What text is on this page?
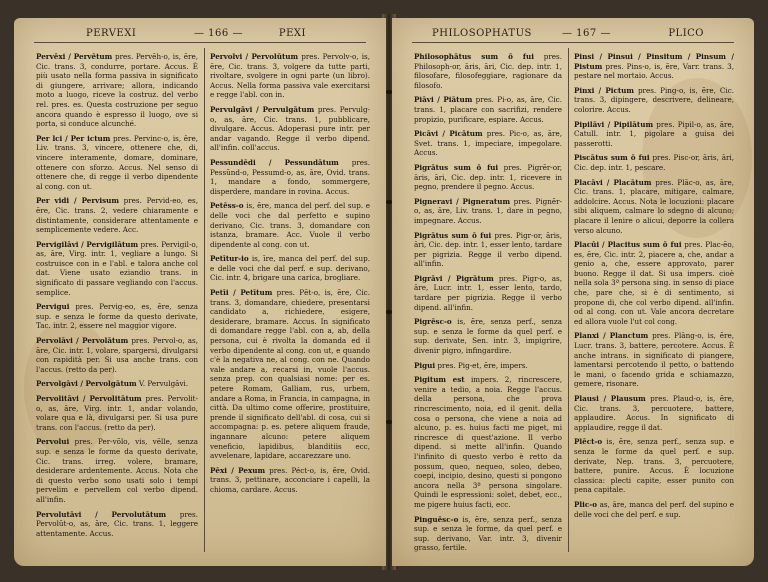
PERVEXI	— 166 —	PEXI
Pervēxi / Pervētum pres. Pervēh-o, is, ēre, Cic. trans. 3, condurre, portare. Accus. È più usato nella forma passiva in significato di giungere, arrivare; allora, indicando moto a luogo, riceve la costruz. del verbo rel. pres. es. Questa costruzione per seguo ancora quando è espresso il luogo, ove si porta, si conduce alcunché.
Per lci / Per ictum pres. Pervinc-o, is, ēre, Liv. trans. 3, vincere, ottenere che, di, vincere interamente, domare, dominare, ottenere con sforzo. Accus. Nel senso di ottenere che, di regge il verbo dipendente al cong. con ut.
Per vidi / Pervisum pres. Pervid-eo, es, ēre, Cic. trans. 2, vedere chiaramente e distintamente, considerare attentamente e semplicemente vedere. Acc.
Pervigilāvi / Pervigilātum pres. Pervigil-o, as, āre, Virg. intr. 1, vegliare a lungo. Si costruisce con in e l'abl. e talora anche col dat. Viene usato eziandio trans. in significato di passare vegliando con l'accus. semplice.
Pervigui pres. Pervig-eo, es, ēre, senza sup. e senza le forme da questo derivate, Tac. intr. 2, essere nel maggior vigore.
Pervolāvi / Pervolātum pres. Pervol-o, as, āre, Cic. intr. 1, volare, spargersi, divulgarsi con rapidità per. Si usa anche trans. con l'accus. (retto da per).
Pervolgāvi / Pervolgātum V. Pervulgāvi.
Pervolitāvi / Pervolitātum pres. Pervolit-o, as, āre, Virg. intr. 1, andar volando, volare qua e là, divulgarsi per. Si usa pure trans. con l'accus. (retto da per).
Pervolui pres. Per-vŏlo, vis, vēlle, senza sup. e senza le forme da questo derivate, Cic. trans. irreg. volere, bramare, desiderare ardentemente. Accus. Nota che di questo verbo sono usati solo i tempi pervelim e pervellem col verbo dipend. all'infin.
Pervolutāvi / Pervolutātum pres. Pervolūt-o, as, āre, Cic. trans. 1, leggere attentamente. Accus.
Pervolvi / Pervolūtum pres. Pervolv-o, is, ēre, Cic. trans. 3, volgere da tutte parti, rivoltare, svolgere in ogni parte (un libro). Accus. Nella forma passiva vale exercitarsi e regge l'abl. con in.
Pervulgāvi / Pervulgātum pres. Pervulg-o, as, āre, Cic. trans. 1, pubblicare, divulgare. Accus. Adoperasi pure intr. per andar vagando. Regge il verbo dipend. all'infin. coll'accus.
Pessundēdi / Pessundātum pres. Pessŭnd-o, Pessumd-o, as, āre, Ovid. trans. 1, mandare a fondo, sommergere, disperdere, mandare in rovina. Accus.
Petēss-o is, ĕre, manca del perf. del sup. e delle voci che dal perfetto e supino derivano, Cic. trans. 3, domandare con istanza, bramare. Acc. Vuole il verbo dipendente al cong. con ut.
Petītur-io is, īre, manca del perf. del sup. e delle voci che dal perf. e sup. derivano, Cic. intr. 4, brigare una carica, brogliare.
Petīi / Petītum pres. Pēt-o, is, ĕre, Cic. trans. 3, domandare, chiedere, presentarsi candidato a, richiedere, esigere, desiderare, bramare. Accus. In significato di domandare regge l'abl. con a, ab, della persona, cui è rivolta la domanda ed il verbo dipendente al cong. con ut, e quando c'è la negativa ne, al cong. con ne. Quando vale andare a, recarsi in, vuole l'accus. senza prep. con qualsiasi nome: per es. petere Romam, Galliam, rus, urbem, andare a Roma, in Francia, in campagna, in città. Da ultimo come offerire, prostituire, prende il significato dell'abl. di cosa, cui si accompagna: p. es. petere aliquem fraude, ingannare alcuno: petere aliquem veneficio, lapidibus, blanditiis ecc, avvelenare, lapidare, accarezzare uno.
Pēxi / Pexum pres. Péct-o, is, ĕre, Ovid. trans. 3, pettinare, acconciare i capelli, la chioma, cardare. Accus.
PHILOSOPHATUS	— 167 —	PLICO
Philosophātus sum ō fui pres. Philosoph-or, āris, āri, Cic. dep. intr. 1, filosofare, filosofeggiare, ragionare da filosofo.
Piāvi / Piātum pres. Pi-o, as, āre, Cic. trans. 1, placare con sacrifizi, rendere propizio, purificare, espiare. Accus.
Picāvi / Picātum pres. Pic-o, as, āre, Svet. trans. 1, impeciare, impegolare. Accus.
Pigrātus sum ō fui pres. Pigrēr-or, āris, āri, Cic. dep. intr. 1, ricevere in pegno, prendere il pegno. Accus.
Pigneravi / Pigneratum pres. Pignĕr-o, as, āre, Liv. trans. 1, dare in pegno, impegnare. Accus.
Pigrātus sum ō fui pres. Pigr-or, āris, āri, Cic. dep. intr. 1, esser lento, tardare per pigrizia. Regge il verbo dipend. all'infin.
Pigrāvi / Pigrātum pres. Pigr-o, as, āre, Lucr. intr. 1, esser lento, tardo, tardare per pigrizia. Regge il verbo dipend. all'infin.
Pigrēsc-o is, ĕre, senza perf., senza sup. e senza le forme da quel perf. e sup. derivate, Sen. intr. 3, impigrire, divenir pigro, infingardire.
Pigui pres. Pig-et, ēre, impers.
Pigitum est impers. 2, rincrescere, venire a tedio, a noia. Regge l'accus. della persona, che prova rincrescimento, noia, ed il genit. della cosa o persona, che viene a noia ad alcuno, p. es. huius facti me piget, mi rincresce di quest'azione. Il verbo dipend. si mette all'infin. Quando l'infinito di questo verbo è retto da possum, queo, nequeo, soleo, debeo, coepi, incipio, desino, questi si pongono ancora nella 3ª persona singolare. Quindi le espressioni: solet, debet, ecc., me pigere huius facti, ecc.
Pinguēsc-o is, ēre, senza perf., senza sup. e senza le forme, da quel perf. e sup. derivano, Var. intr. 3, divenir grasso, fertile.
Pinsi / Pinsui / Pinsitum / Pinsum / Pistum pres. Pins-o, is, ĕre, Varr. trans. 3, pestare nel mortaio. Accus.
Pinxi / Pictum pres. Ping-o, is, ĕre, Cic. trans. 3, dipingere, descrivere, delineare, colorire. Accus.
Pipilāvi / Pipilātum pres. Pipil-o, as, āre, Catull. intr. 1, pigolare a guisa dei passerotti.
Piscātus sum ō fui pres. Pisc-or, āris, āri, Cic. dep. intr. 1, pescare.
Placāvi / Placātum pres. Plāc-o, as, āre, Cic. trans. 1, placare, mitigare, calmare, addolcire. Accus. Nota le locuzioni: placare sibi aliquem, calmare lo sdegno di alcuno; placare il lenire o alicui, deporre la collera verso alcuno.
Placūi / Placitus sum ō fui pres. Plac-ēo, es, ēre, Cic. intr. 2, piacere a, che, andar a genio a, che, essere approvato, parer buono. Regge il dat. Si usa impers. cioè nella sola 3ª persona sing. in senso di piace che, pare che, si è di sentimento, si propone di, che col verbo dipend. all'infin. od al cong. con ut. Vale ancora decretare ed allora vuole l'ut col cong.
Planxi / Planctum pres. Plāng-o, is, ĕre, Lucr. trans. 3, battere, percotere. Accus. È anche intrans. in significato di piangere, lamentarsi percotendo il petto, o battendo le mani, o facendo grida e schiamazzo, gemere, risonare.
Plausi / Plausum pres. Plaud-o, is, ĕre, Cic. trans. 3, percuotere, battere, applaudire. Accus. In significato di applaudire, regge il dat.
Plēct-o is, ĕre, senza perf., senza sup. e senza le forme da quel perf. e sup. derivate, Nep. trans. 3, percuotere, battere, punire. Accus. È locuzione classica: plecti capite, esser punito con pena capitale.
Plic-o as, āre, manca del perf. del supino e delle voci che del perf. e sup.
